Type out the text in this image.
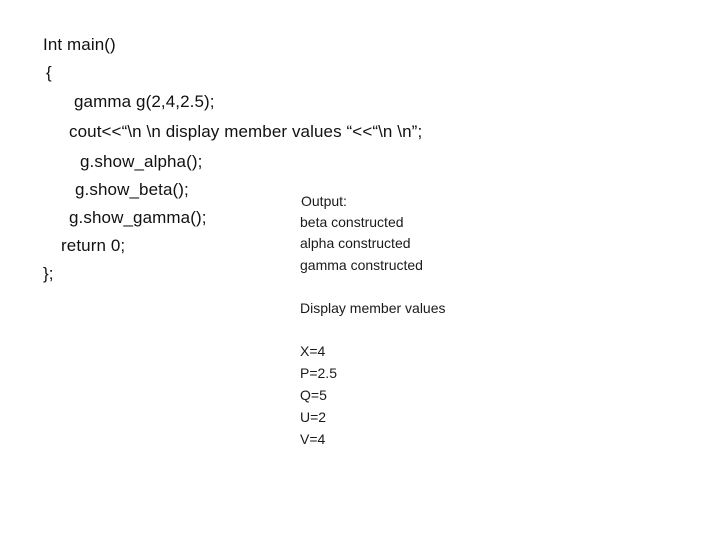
Int main()
{
gamma g(2,4,2.5);
cout<<“\n \n display member values “<<“\n \n”;
g.show_alpha();
g.show_beta();
g.show_gamma();
return 0;
};
Output:
beta constructed
alpha constructed
gamma constructed
Display member values
X=4
P=2.5
Q=5
U=2
V=4
